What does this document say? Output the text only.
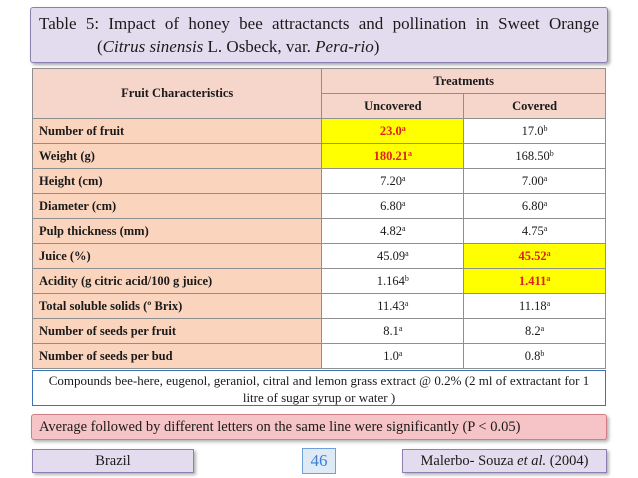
Table 5: Impact of honey bee attractancts and pollination in Sweet Orange
(Citrus sinensis L. Osbeck, var. Pera-rio)
Fruit Characteristics	Treatments	
	Uncovered	Covered
Number of fruit	23.0$^a$	17.0$^b$
Weight (g)	180.21$^a$	168.50$^b$
Height (cm)	7.20$^a$	7.00$^a$
Diameter (cm)	6.80$^a$	6.80$^a$
Pulp thickness (mm)	4.82$^a$	4.75$^a$
Juice (%)	45.09$^a$	45.52$^a$
Acidity (g citric acid/100 g juice)	1.164$^b$	1.411$^a$
Total soluble solids (º Brix)	11.43$^a$	11.18$^a$
Number of seeds per fruit	8.1$^a$	8.2$^a$
Number of seeds per bud	1.0$^a$	0.8$^b$
Compounds bee-here, eugenol, geraniol, citral and lemon grass extract @ 0.2% (2 ml of extractant for 1 litre of sugar syrup or water )
Average followed by different letters on the same line were significantly (P < 0.05)
Brazil	46	Malerbo- Souza et al. (2004)
